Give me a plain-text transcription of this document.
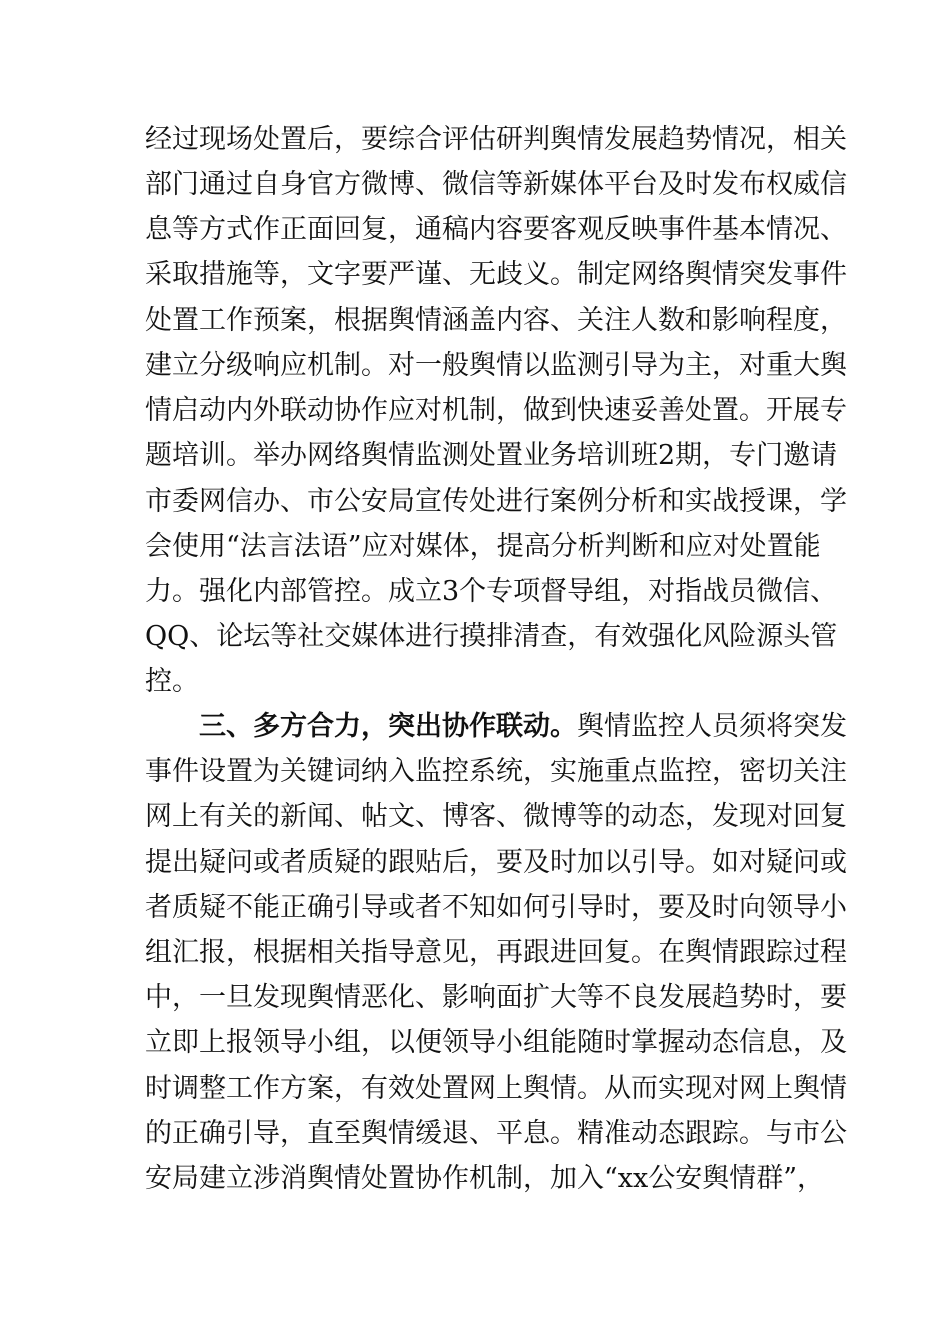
经过现场处置后，要综合评估研判舆情发展趋势情况，相关
部门通过自身官方微博、微信等新媒体平台及时发布权威信
息等方式作正面回复，通稿内容要客观反映事件基本情况、
采取措施等，文字要严谨、无歧义。制定网络舆情突发事件
处置工作预案，根据舆情涵盖内容、关注人数和影响程度，
建立分级响应机制。对一般舆情以监测引导为主，对重大舆
情启动内外联动协作应对机制，做到快速妥善处置。开展专
题培训。举办网络舆情监测处置业务培训班2期，专门邀请
市委网信办、市公安局宣传处进行案例分析和实战授课，学
会使用“法言法语”应对媒体，提高分析判断和应对处置能
力。强化内部管控。成立3个专项督导组，对指战员微信、
QQ、论坛等社交媒体进行摸排清查，有效强化风险源头管
控。
三、多方合力，突出协作联动。舆情监控人员须将突发
事件设置为关键词纳入监控系统，实施重点监控，密切关注
网上有关的新闻、帖文、博客、微博等的动态，发现对回复
提出疑问或者质疑的跟贴后，要及时加以引导。如对疑问或
者质疑不能正确引导或者不知如何引导时，要及时向领导小
组汇报，根据相关指导意见，再跟进回复。在舆情跟踪过程
中，一旦发现舆情恶化、影响面扩大等不良发展趋势时，要
立即上报领导小组，以便领导小组能随时掌握动态信息，及
时调整工作方案，有效处置网上舆情。从而实现对网上舆情
的正确引导，直至舆情缓退、平息。精准动态跟踪。与市公
安局建立涉消舆情处置协作机制，加入“xx公安舆情群”，
